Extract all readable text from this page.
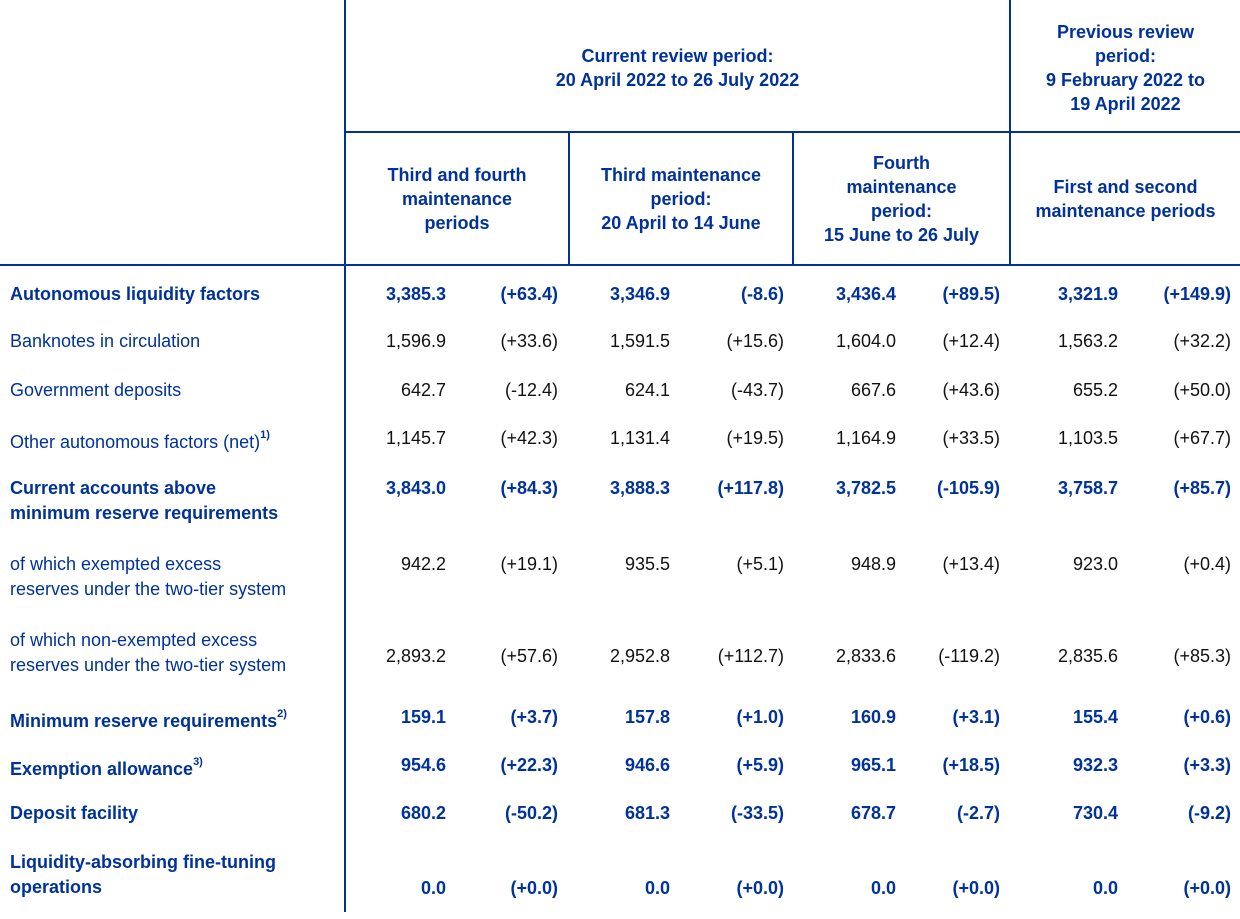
Current review period:
20 April 2022 to 26 July 2022
Previous review
period:
9 February 2022 to
19 April 2022
Third and fourth
maintenance
periods
Third maintenance
period:
20 April to 14 June
Fourth
maintenance
period:
15 June to 26 July
First and second
maintenance periods
Autonomous liquidity factors	3,385.3	(+63.4)	3,346.9	(-8.6)	3,436.4	(+89.5)	3,321.9	(+149.9)
Banknotes in circulation	1,596.9	(+33.6)	1,591.5	(+15.6)	1,604.0	(+12.4)	1,563.2	(+32.2)
Government deposits	642.7	(-12.4)	624.1	(-43.7)	667.6	(+43.6)	655.2	(+50.0)
Other autonomous factors (net)$^{1)}$	1,145.7	(+42.3)	1,131.4	(+19.5)	1,164.9	(+33.5)	1,103.5	(+67.7)
Current accounts above
minimum reserve requirements
3,843.0	(+84.3)	3,888.3	(+117.8)	3,782.5	(-105.9)	3,758.7	(+85.7)
of which exempted excess
reserves under the two-tier system
942.2	(+19.1)	935.5	(+5.1)	948.9	(+13.4)	923.0	(+0.4)
of which non-exempted excess
reserves under the two-tier system	2,893.2	(+57.6)	2,952.8	(+112.7)	2,833.6	(-119.2)	2,835.6	(+85.3)
Minimum reserve requirements$^{2)}$	159.1	(+3.7)	157.8	(+1.0)	160.9	(+3.1)	155.4	(+0.6)
Exemption allowance$^{3)}$	954.6	(+22.3)	946.6	(+5.9)	965.1	(+18.5)	932.3	(+3.3)
Deposit facility	680.2	(-50.2)	681.3	(-33.5)	678.7	(-2.7)	730.4	(-9.2)
Liquidity-absorbing fine-tuning
operations	0.0	(+0.0)	0.0	(+0.0)	0.0	(+0.0)	0.0	(+0.0)
